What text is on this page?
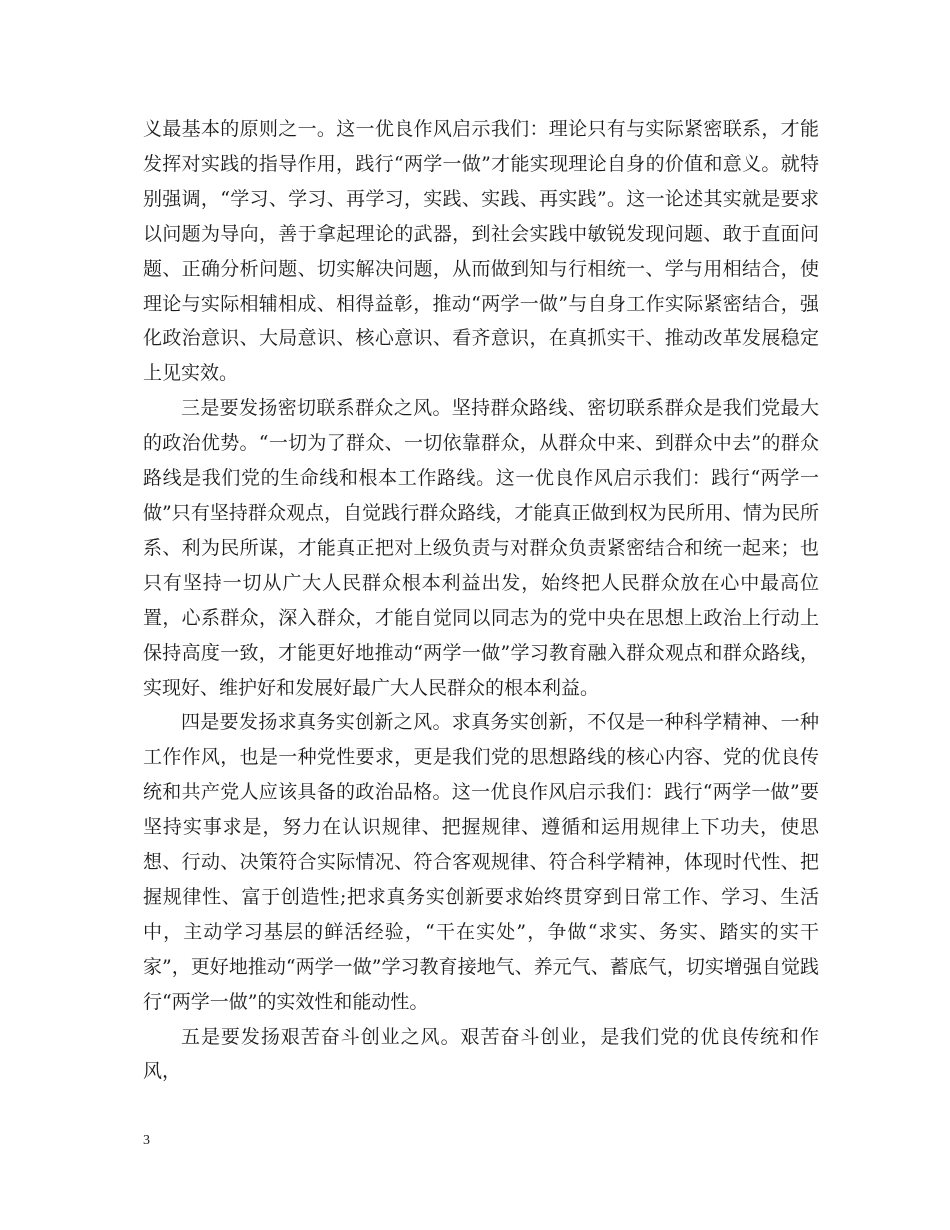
义最基本的原则之一。这一优良作风启示我们：理论只有与实际紧密联系，才能发挥对实践的指导作用，践行“两学一做”才能实现理论自身的价值和意义。就特别强调，“学习、学习、再学习，实践、实践、再实践”。这一论述其实就是要求以问题为导向，善于拿起理论的武器，到社会实践中敏锐发现问题、敢于直面问题、正确分析问题、切实解决问题，从而做到知与行相统一、学与用相结合，使理论与实际相辅相成、相得益彰，推动“两学一做”与自身工作实际紧密结合，强化政治意识、大局意识、核心意识、看齐意识，在真抓实干、推动改革发展稳定上见实效。

三是要发扬密切联系群众之风。坚持群众路线、密切联系群众是我们党最大的政治优势。“一切为了群众、一切依靠群众，从群众中来、到群众中去”的群众路线是我们党的生命线和根本工作路线。这一优良作风启示我们：践行“两学一做”只有坚持群众观点，自觉践行群众路线，才能真正做到权为民所用、情为民所系、利为民所谋，才能真正把对上级负责与对群众负责紧密结合和统一起来；也只有坚持一切从广大人民群众根本利益出发，始终把人民群众放在心中最高位置，心系群众，深入群众，才能自觉同以同志为的党中央在思想上政治上行动上保持高度一致，才能更好地推动“两学一做”学习教育融入群众观点和群众路线，实现好、维护好和发展好最广大人民群众的根本利益。

四是要发扬求真务实创新之风。求真务实创新，不仅是一种科学精神、一种工作作风，也是一种党性要求，更是我们党的思想路线的核心内容、党的优良传统和共产党人应该具备的政治品格。这一优良作风启示我们：践行“两学一做”要坚持实事求是，努力在认识规律、把握规律、遵循和运用规律上下功夫，使思想、行动、决策符合实际情况、符合客观规律、符合科学精神，体现时代性、把握规律性、富于创造性;把求真务实创新要求始终贯穿到日常工作、学习、生活中，主动学习基层的鲜活经验，“干在实处”，争做“求实、务实、踏实的实干家”，更好地推动“两学一做”学习教育接地气、养元气、蓄底气，切实增强自觉践行“两学一做”的实效性和能动性。

五是要发扬艰苦奋斗创业之风。艰苦奋斗创业，是我们党的优良传统和作风，

3
